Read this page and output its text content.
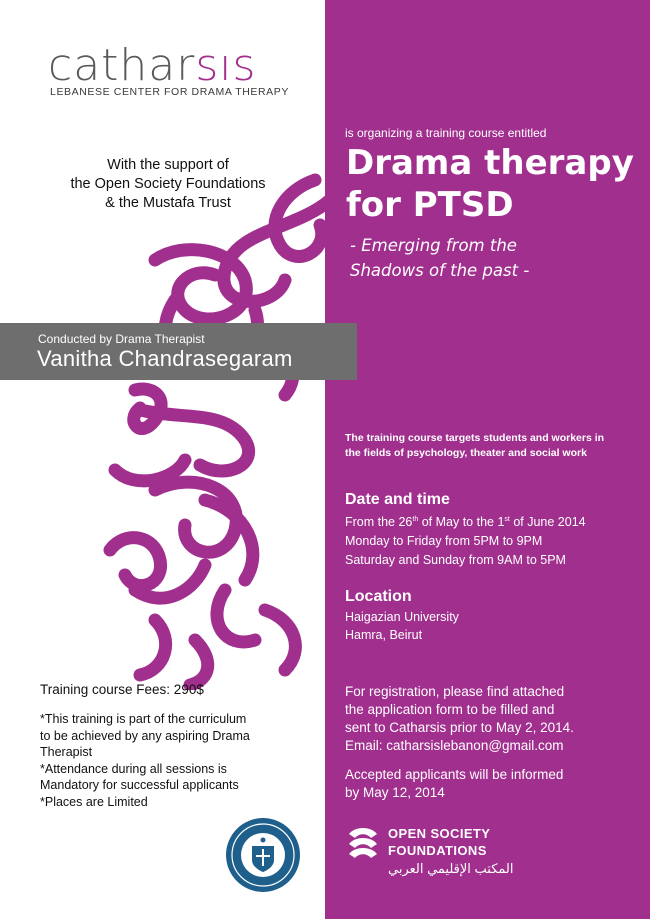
catharsıs
LEBANESE CENTER FOR DRAMA THERAPY
With the support of
the Open Society Foundations
& the Mustafa Trust
is organizing a training course entitled
Drama therapy
for PTSD
- Emerging from the
Shadows of the past -
Conducted by Drama Therapist
Vanitha Chandrasegaram
The training course targets students and workers in
the fields of psychology, theater and social work
Date and time
From the 26th of May to the 1st of June 2014
Monday to Friday from 5PM to 9PM
Saturday and Sunday from 9AM to 5PM
Location
Haigazian University
Hamra, Beirut
For registration, please find attached
the application form to be filled and
sent to Catharsis prior to May 2, 2014.
Email: catharsislebanon@gmail.com
Accepted applicants will be informed
by May 12, 2014
Training course Fees: 290$
*This training is part of the curriculum
to be achieved by any aspiring Drama
Therapist
*Attendance during all sessions is
Mandatory for successful applicants
*Places are Limited
OPEN SOCIETY
FOUNDATIONS
المكتب الإقليمي العربي
